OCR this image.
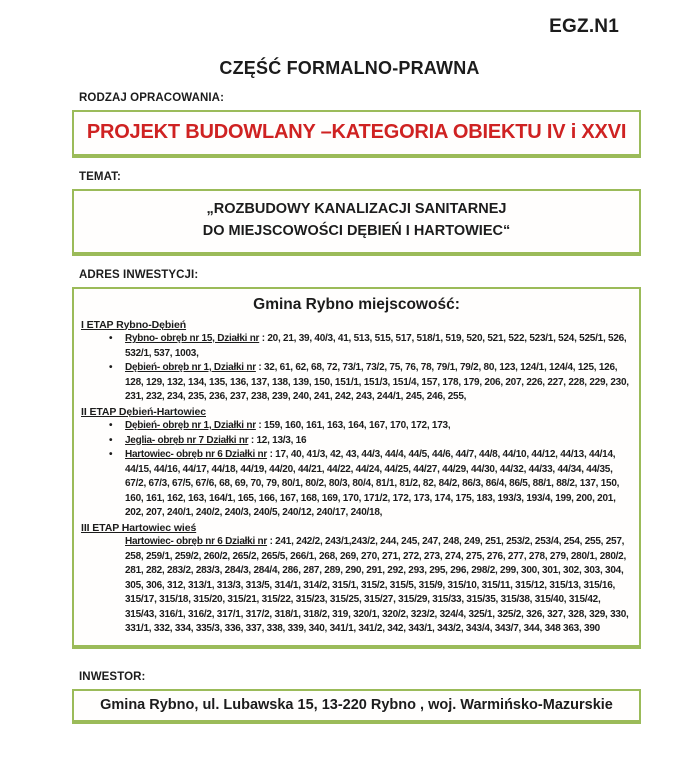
EGZ.N1
CZĘŚĆ FORMALNO-PRAWNA
RODZAJ OPRACOWANIA:
PROJEKT BUDOWLANY –KATEGORIA OBIEKTU IV i XXVI
TEMAT:
„ROZBUDOWY KANALIZACJI SANITARNEJ
DO MIEJSCOWOŚCI DĘBIEŃ I HARTOWIEC“
ADRES INWESTYCJI:
Gmina Rybno miejscowość:
I ETAP Rybno-Dębień
•	Rybno- obręb nr 15, Działki nr : 20, 21, 39, 40/3, 41, 513, 515, 517, 518/1, 519, 520, 521, 522, 523/1, 524, 525/1, 526, 532/1, 537, 1003,
•	Dębień- obręb nr 1, Działki nr : 32, 61, 62, 68, 72, 73/1, 73/2, 75, 76, 78, 79/1, 79/2, 80, 123, 124/1, 124/4, 125, 126, 128, 129, 132, 134, 135, 136, 137, 138, 139, 150, 151/1, 151/3, 151/4, 157, 178, 179, 206, 207, 226, 227, 228, 229, 230, 231, 232, 234, 235, 236, 237, 238, 239, 240, 241, 242, 243, 244/1, 245, 246, 255,
II ETAP Dębień-Hartowiec
•	Dębień- obręb nr 1, Działki nr : 159, 160, 161, 163, 164, 167, 170, 172, 173,
•	Jeglia- obręb nr 7 Działki nr : 12, 13/3, 16
•	Hartowiec- obręb nr 6 Działki nr : 17, 40, 41/3, 42, 43, 44/3, 44/4, 44/5, 44/6, 44/7, 44/8, 44/10, 44/12, 44/13, 44/14, 44/15, 44/16, 44/17, 44/18, 44/19, 44/20, 44/21, 44/22, 44/24, 44/25, 44/27, 44/29, 44/30, 44/32, 44/33, 44/34, 44/35, 67/2, 67/3, 67/5, 67/6, 68, 69, 70, 79, 80/1, 80/2, 80/3, 80/4, 81/1, 81/2, 82, 84/2, 86/3, 86/4, 86/5, 88/1, 88/2, 137, 150, 160, 161, 162, 163, 164/1, 165, 166, 167, 168, 169, 170, 171/2, 172, 173, 174, 175, 183, 193/3, 193/4, 199, 200, 201, 202, 207, 240/1, 240/2, 240/3, 240/5, 240/12, 240/17, 240/18,
III ETAP Hartowiec wieś
Hartowiec- obręb nr 6 Działki nr : 241, 242/2, 243/1,243/2, 244, 245, 247, 248, 249, 251, 253/2, 253/4, 254, 255, 257, 258, 259/1, 259/2, 260/2, 265/2, 265/5, 266/1, 268, 269, 270, 271, 272, 273, 274, 275, 276, 277, 278, 279, 280/1, 280/2, 281, 282, 283/2, 283/3, 284/3, 284/4, 286, 287, 289, 290, 291, 292, 293, 295, 296, 298/2, 299, 300, 301, 302, 303, 304, 305, 306, 312, 313/1, 313/3, 313/5, 314/1, 314/2, 315/1, 315/2, 315/5, 315/9, 315/10, 315/11, 315/12, 315/13, 315/16, 315/17, 315/18, 315/20, 315/21, 315/22, 315/23, 315/25, 315/27, 315/29, 315/33, 315/35, 315/38, 315/40, 315/42, 315/43, 316/1, 316/2, 317/1, 317/2, 318/1, 318/2, 319, 320/1, 320/2, 323/2, 324/4, 325/1, 325/2, 326, 327, 328, 329, 330, 331/1, 332, 334, 335/3, 336, 337, 338, 339, 340, 341/1, 341/2, 342, 343/1, 343/2, 343/4, 343/7, 344, 348 363, 390
INWESTOR:
Gmina Rybno, ul. Lubawska 15, 13-220 Rybno , woj. Warmińsko-Mazurskie
